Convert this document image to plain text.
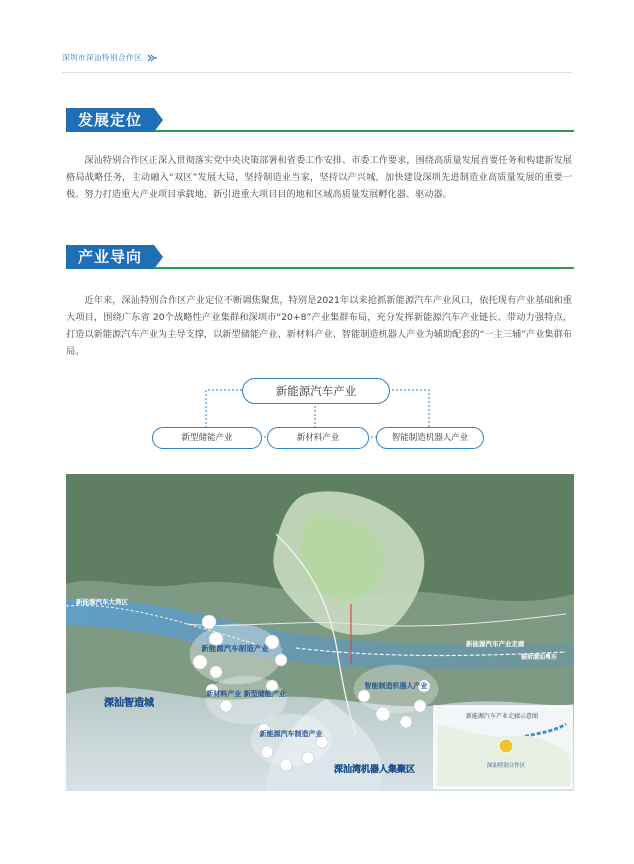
深圳市深汕特别合作区
发展定位

深汕特别合作区正深入贯彻落实党中央决策部署和省委工作安排、市委工作要求，围绕高质量发展首要任务和构建新发展格局战略任务，主动融入“双区”发展大局，坚持制造业当家，坚持以产兴城，加快建设深圳先进制造业高质量发展的重要一极。努力打造重大产业项目承载地、新引进重大项目目的地和区域高质量发展孵化器、驱动器。

产业导向

近年来，深汕特别合作区产业定位不断调焦聚焦，特别是2021年以来抢抓新能源汽车产业风口，依托现有产业基础和重大项目，围绕广东省 20个战略性产业集群和深圳市“20+8”产业集群布局，充分发挥新能源汽车产业链长、带动力强特点，打造以新能源汽车产业为主导支撑，以新型储能产业、新材料产业、智能制造机器人产业为辅助配套的“一主三辅”产业集群布局。

新能源汽车产业
新型储能产业	新材料产业	智能制造机器人产业
新能源汽车制造产业
新材料产业 新型储能产业
智能制造机器人产业
新能源汽车制造产业
深汕智造城
深汕湾机器人集聚区
新能源汽车大湾区
新能源汽车产业走廊
辐射潮汕粤东
新能源汽车产业走廊示意图
深汕特别合作区
